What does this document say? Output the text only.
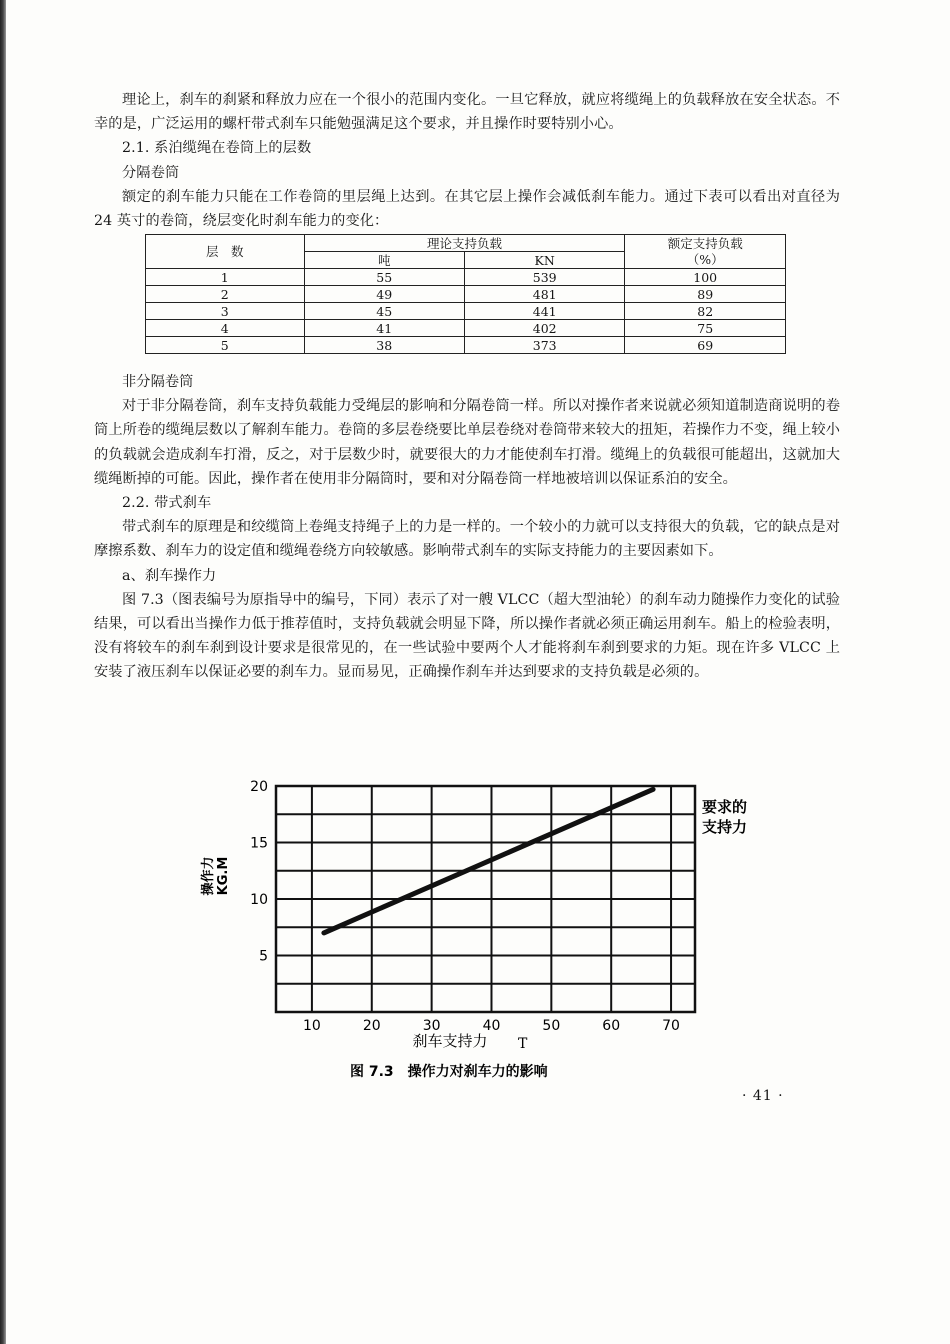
理论上，刹车的刹紧和释放力应在一个很小的范围内变化。一旦它释放，就应将缆绳上的负载释放在安全状态。不幸的是，广泛运用的螺杆带式刹车只能勉强满足这个要求，并且操作时要特别小心。

2.1. 系泊缆绳在卷筒上的层数

分隔卷筒

额定的刹车能力只能在工作卷筒的里层绳上达到。在其它层上操作会减低刹车能力。通过下表可以看出对直径为 24 英寸的卷筒，绕层变化时刹车能力的变化：

层　数	理论支持负载		额定支持负载
	吨	KN	（%）
1	55	539	100
2	49	481	89
3	45	441	82
4	41	402	75
5	38	373	69

非分隔卷筒

对于非分隔卷筒，刹车支持负载能力受绳层的影响和分隔卷筒一样。所以对操作者来说就必须知道制造商说明的卷筒上所卷的缆绳层数以了解刹车能力。卷筒的多层卷绕要比单层卷绕对卷筒带来较大的扭矩，若操作力不变，绳上较小的负载就会造成刹车打滑，反之，对于层数少时，就要很大的力才能使刹车打滑。缆绳上的负载很可能超出，这就加大缆绳断掉的可能。因此，操作者在使用非分隔筒时，要和对分隔卷筒一样地被培训以保证系泊的安全。

2.2. 带式刹车

带式刹车的原理是和绞缆筒上卷绳支持绳子上的力是一样的。一个较小的力就可以支持很大的负载，它的缺点是对摩擦系数、刹车力的设定值和缆绳卷绕方向较敏感。影响带式刹车的实际支持能力的主要因素如下。

a、刹车操作力

图 7.3（图表编号为原指导中的编号，下同）表示了对一艘 VLCC（超大型油轮）的刹车动力随操作力变化的试验结果，可以看出当操作力低于推荐值时，支持负载就会明显下降，所以操作者就必须正确运用刹车。船上的检验表明，没有将较车的刹车刹到设计要求是很常见的，在一些试验中要两个人才能将刹车刹到要求的力矩。现在许多 VLCC 上安装了液压刹车以保证必要的刹车力。显而易见，正确操作刹车并达到要求的支持负载是必须的。

10	20	30	40	50	60	70
5
10
15
20
操作力 KG.M
要求的
支持力
刹车支持力 T
图 7.3　操作力对刹车力的影响
· 41 ·
